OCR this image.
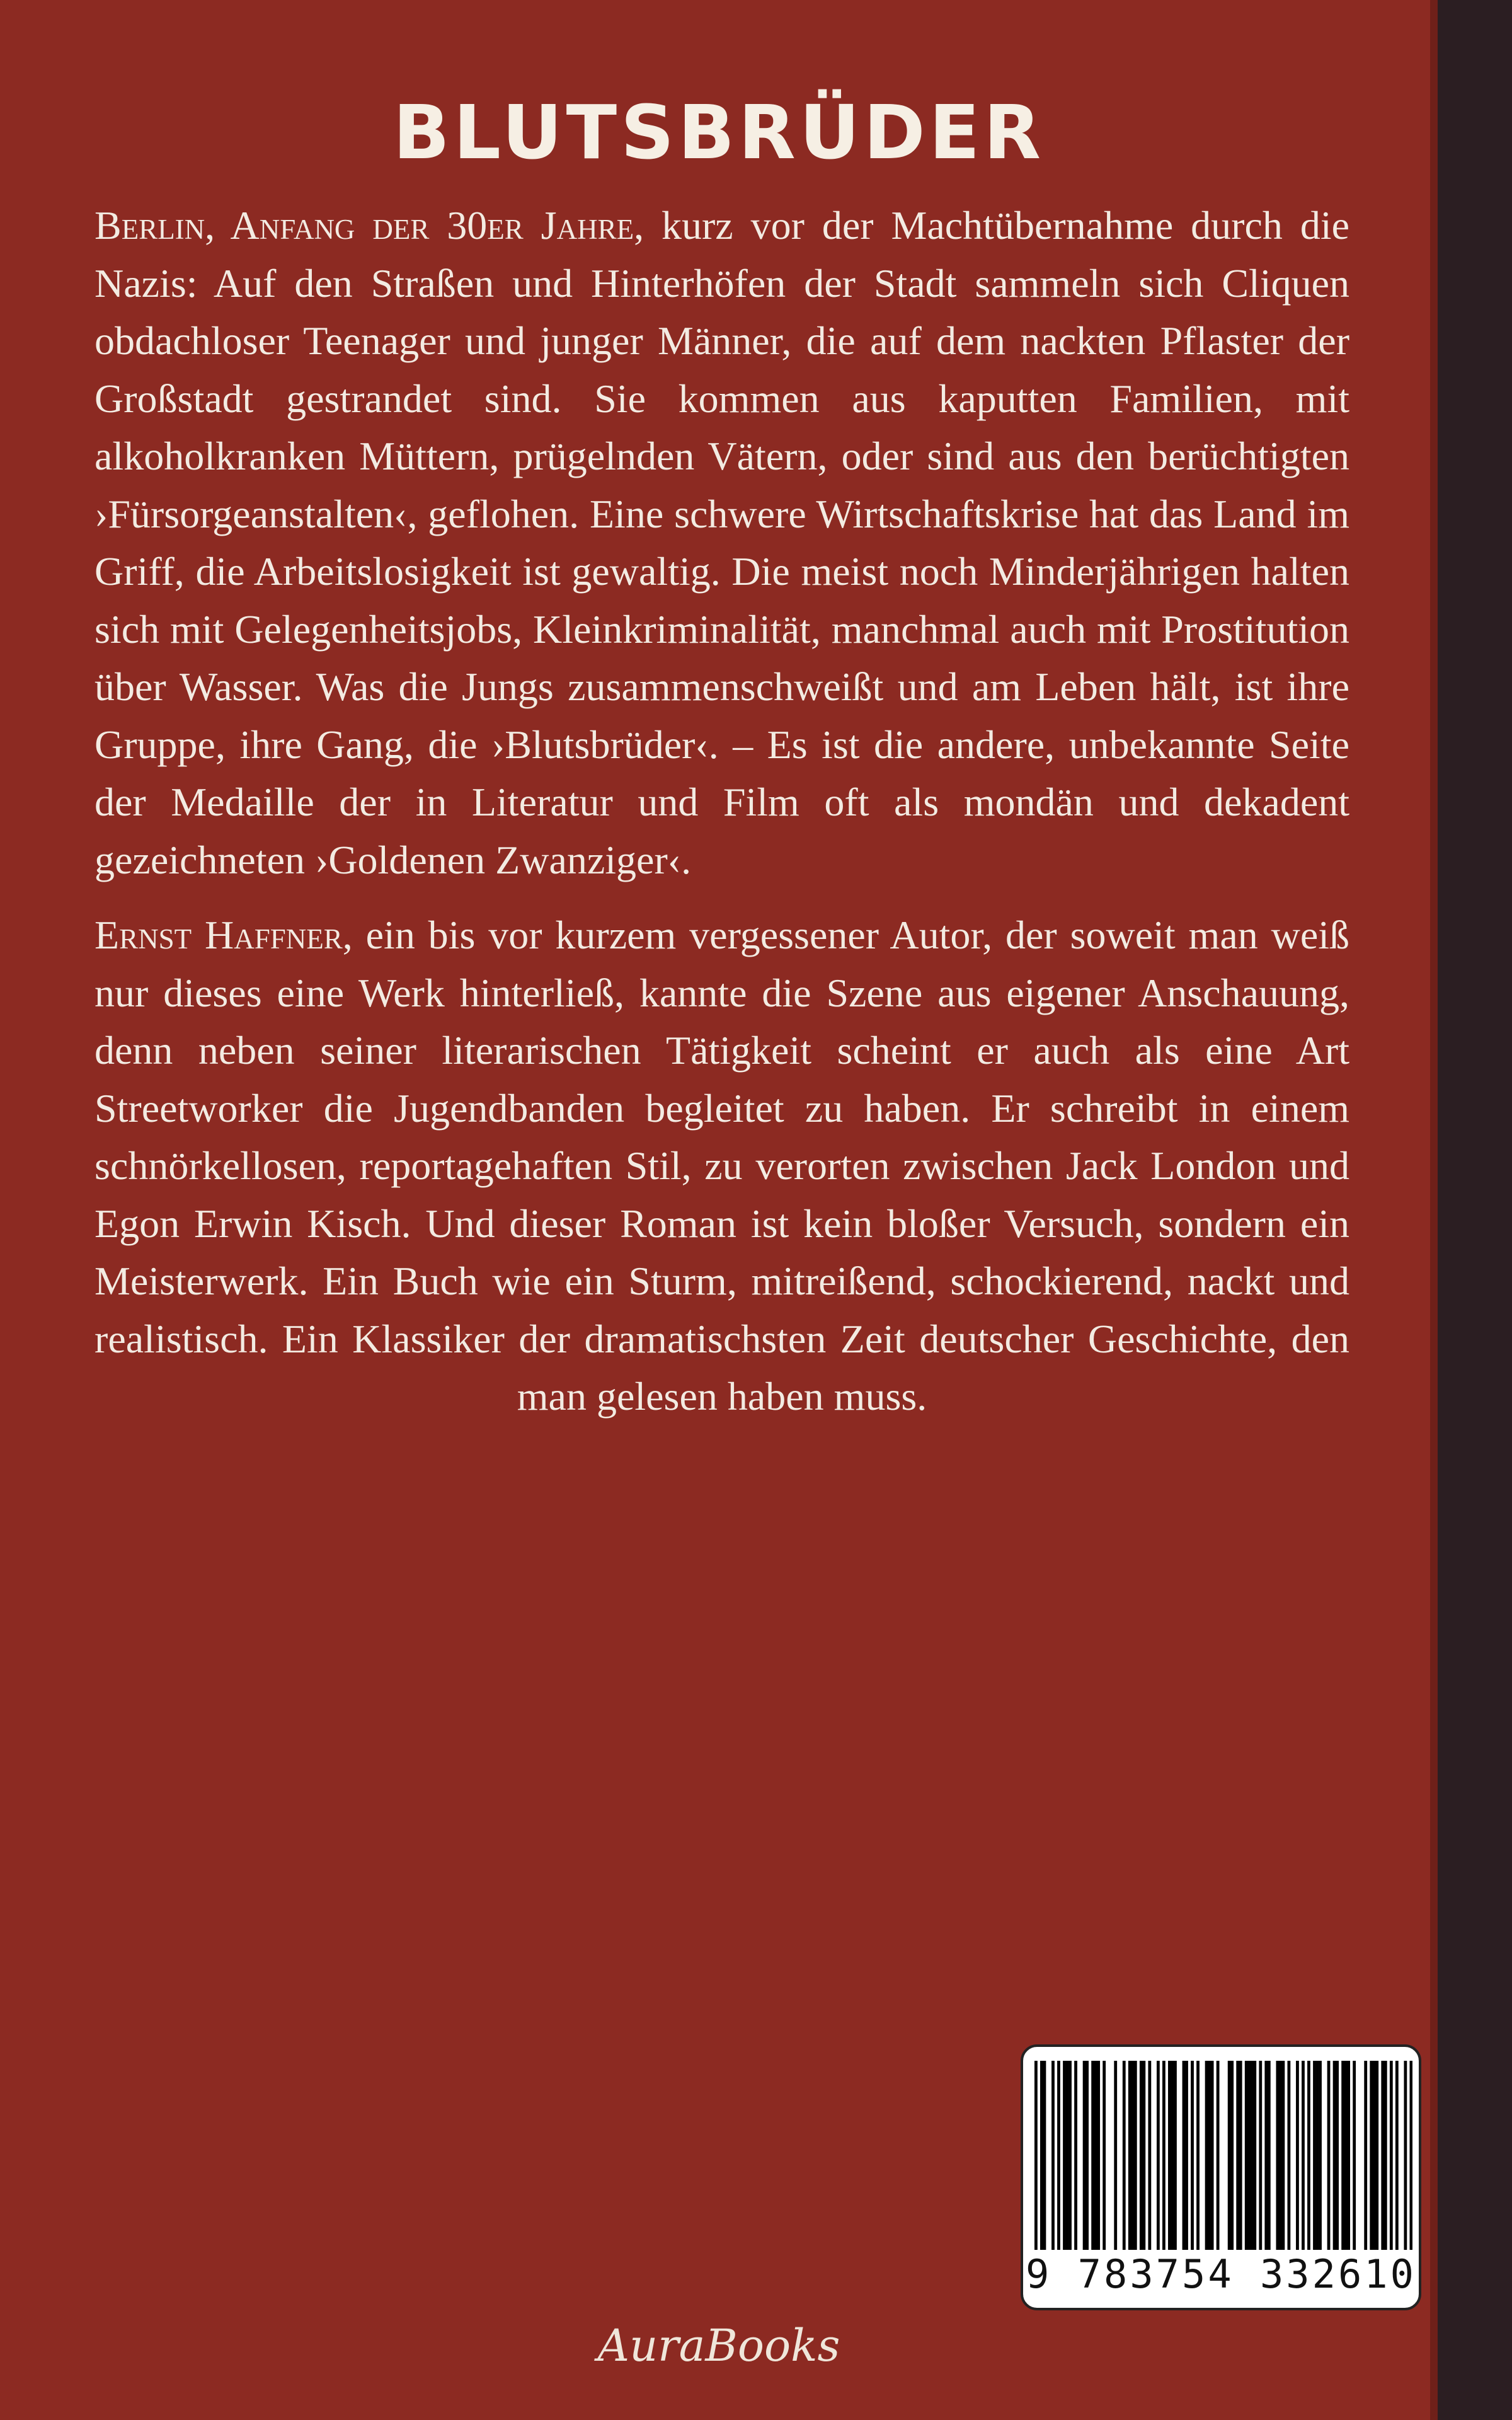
BLUTSBRÜDER

Berlin, Anfang der 30er Jahre, kurz vor der Machtübernahme durch die Nazis: Auf den Straßen und Hinterhöfen der Stadt sammeln sich Cliquen obdachloser Teenager und junger Männer, die auf dem nackten Pflaster der Großstadt gestrandet sind. Sie kommen aus kaputten Familien, mit alkoholkranken Müttern, prügelnden Vätern, oder sind aus den berüchtigten ›Fürsorgeanstalten‹, geflohen. Eine schwere Wirtschaftskrise hat das Land im Griff, die Arbeitslosigkeit ist gewaltig. Die meist noch Minderjährigen halten sich mit Gelegenheitsjobs, Kleinkriminalität, manchmal auch mit Prostitution über Wasser. Was die Jungs zusammenschweißt und am Leben hält, ist ihre Gruppe, ihre Gang, die ›Blutsbrüder‹. – Es ist die andere, unbekannte Seite der Medaille der in Literatur und Film oft als mondän und dekadent gezeichneten ›Goldenen Zwanziger‹.

Ernst Haffner, ein bis vor kurzem vergessener Autor, der soweit man weiß nur dieses eine Werk hinterließ, kannte die Szene aus eigener Anschauung, denn neben seiner literarischen Tätigkeit scheint er auch als eine Art Streetworker die Jugendbanden begleitet zu haben. Er schreibt in einem schnörkellosen, reportagehaften Stil, zu verorten zwischen Jack London und Egon Erwin Kisch. Und dieser Roman ist kein bloßer Versuch, sondern ein Meisterwerk. Ein Buch wie ein Sturm, mitreißend, schockierend, nackt und realistisch. Ein Klassiker der dramatischsten Zeit deutscher Geschichte, den man gelesen haben muss.

9 783754 332610
AuraBooks
